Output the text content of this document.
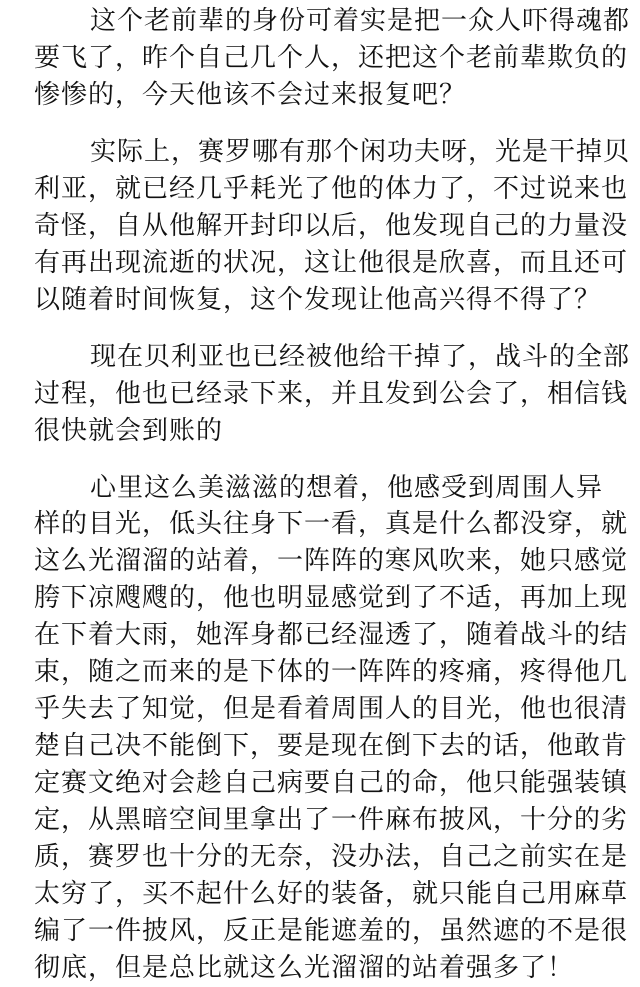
这个老前辈的身份可着实是把一众人吓得魂都
要飞了，昨个自己几个人，还把这个老前辈欺负的
惨惨的，今天他该不会过来报复吧？
实际上，赛罗哪有那个闲功夫呀，光是干掉贝
利亚，就已经几乎耗光了他的体力了，不过说来也
奇怪，自从他解开封印以后，他发现自己的力量没
有再出现流逝的状况，这让他很是欣喜，而且还可
以随着时间恢复，这个发现让他高兴得不得了？
现在贝利亚也已经被他给干掉了，战斗的全部
过程，他也已经录下来，并且发到公会了，相信钱
很快就会到账的
心里这么美滋滋的想着，他感受到周围人异
样的目光，低头往身下一看，真是什么都没穿，就
这么光溜溜的站着，一阵阵的寒风吹来，她只感觉
胯下凉飕飕的，他也明显感觉到了不适，再加上现
在下着大雨，她浑身都已经湿透了，随着战斗的结
束，随之而来的是下体的一阵阵的疼痛，疼得他几
乎失去了知觉，但是看着周围人的目光，他也很清
楚自己决不能倒下，要是现在倒下去的话，他敢肯
定赛文绝对会趁自己病要自己的命，他只能强装镇
定，从黑暗空间里拿出了一件麻布披风，十分的劣
质，赛罗也十分的无奈，没办法，自己之前实在是
太穷了，买不起什么好的装备，就只能自己用麻草
编了一件披风，反正是能遮羞的，虽然遮的不是很
彻底，但是总比就这么光溜溜的站着强多了！
